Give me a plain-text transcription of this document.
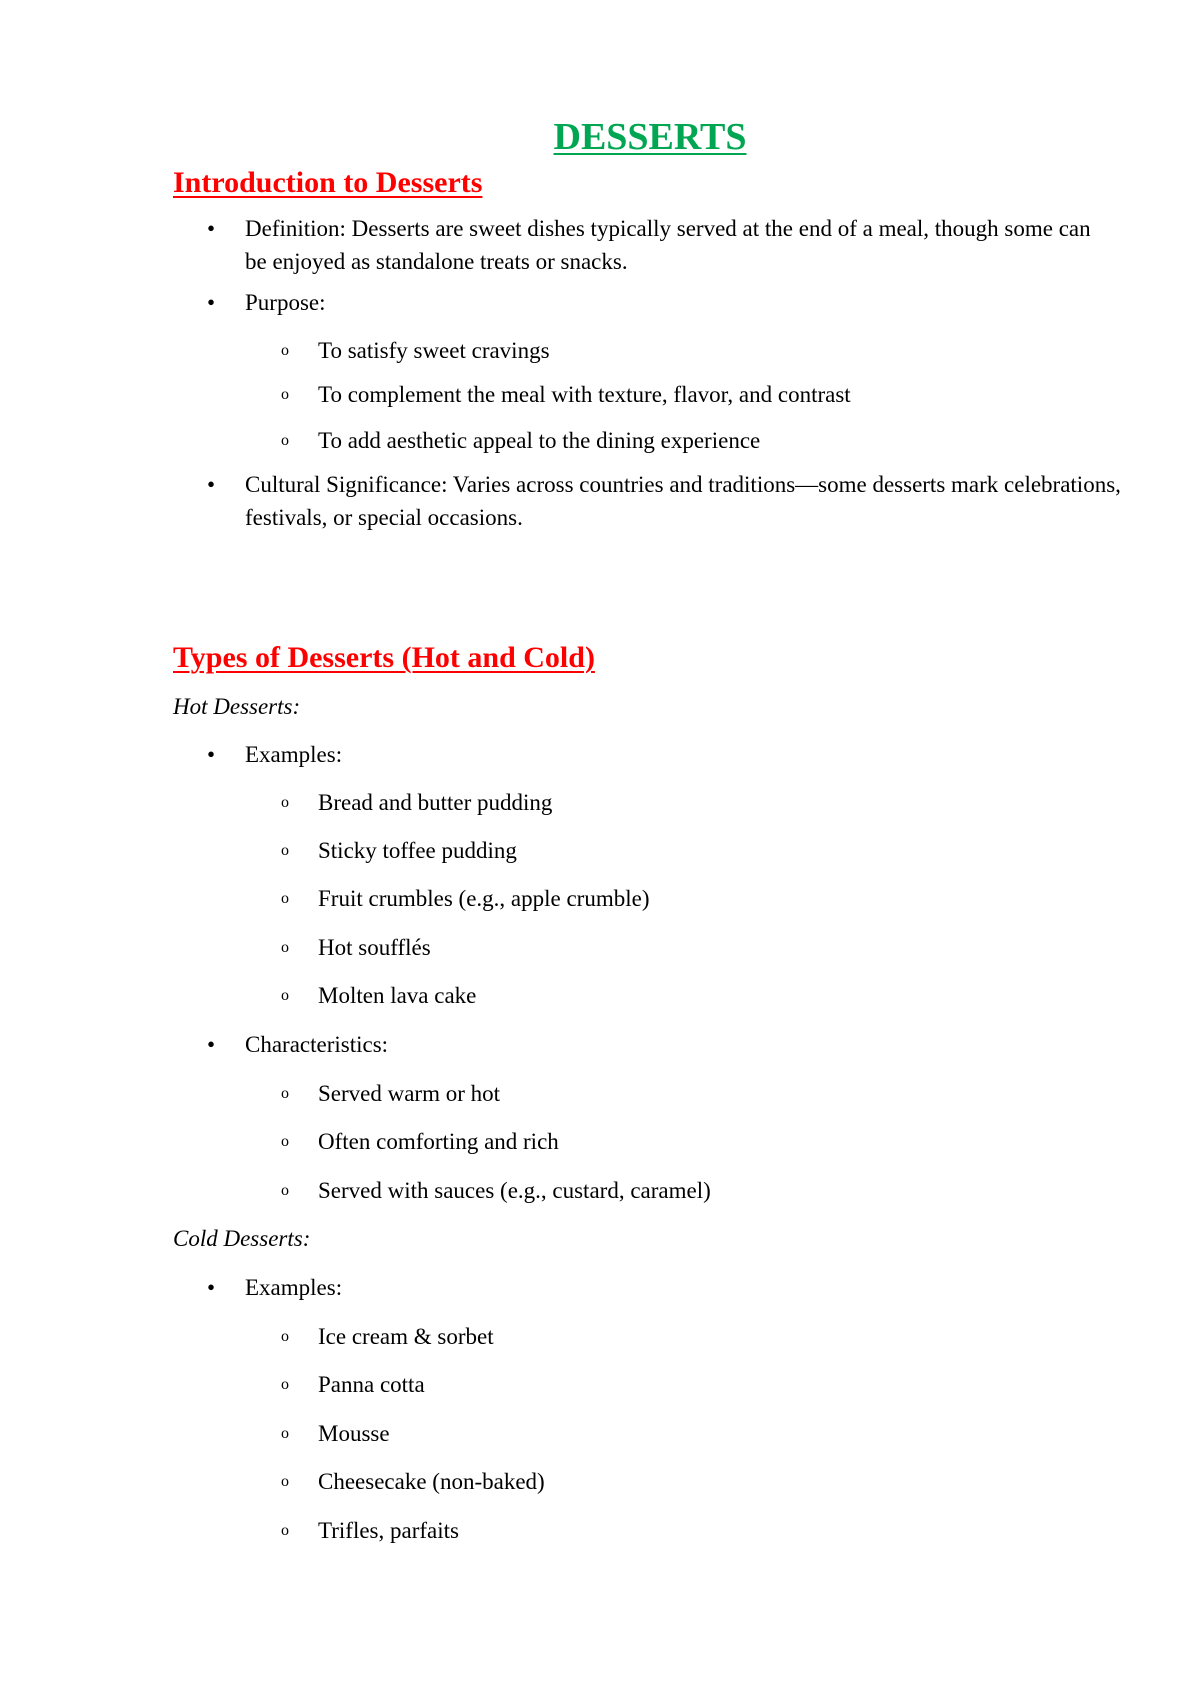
DESSERTS
Introduction to Desserts
• Definition: Desserts are sweet dishes typically served at the end of a meal, though some can be enjoyed as standalone treats or snacks.
• Purpose:
o To satisfy sweet cravings
o To complement the meal with texture, flavor, and contrast
o To add aesthetic appeal to the dining experience
• Cultural Significance: Varies across countries and traditions—some desserts mark celebrations, festivals, or special occasions.
Types of Desserts (Hot and Cold)
Hot Desserts:
• Examples:
o Bread and butter pudding
o Sticky toffee pudding
o Fruit crumbles (e.g., apple crumble)
o Hot soufflés
o Molten lava cake
• Characteristics:
o Served warm or hot
o Often comforting and rich
o Served with sauces (e.g., custard, caramel)
Cold Desserts:
• Examples:
o Ice cream & sorbet
o Panna cotta
o Mousse
o Cheesecake (non-baked)
o Trifles, parfaits
